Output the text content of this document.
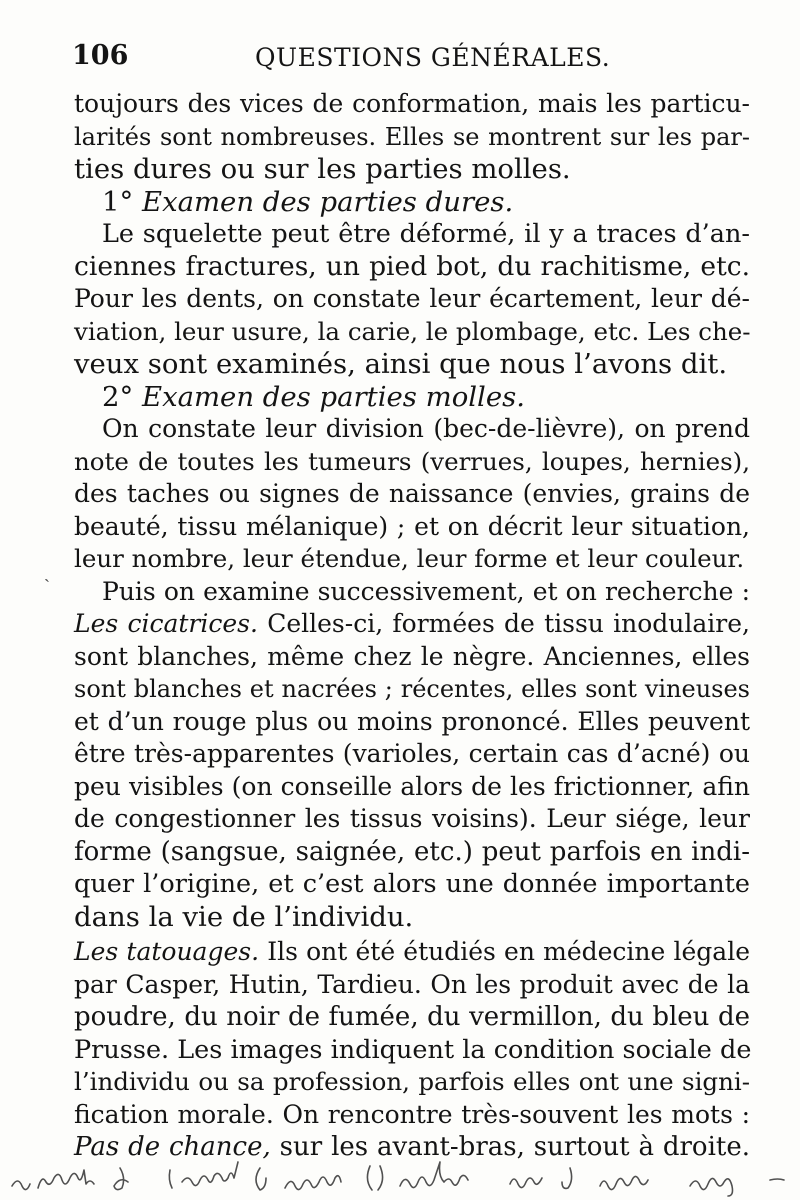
106	QUESTIONS GÉNÉRALES.
toujours des vices de conformation, mais les particu-
larités sont nombreuses. Elles se montrent sur les par-
ties dures ou sur les parties molles.
1° Examen des parties dures.
Le squelette peut être déformé, il y a traces d’an-
ciennes fractures, un pied bot, du rachitisme, etc.
Pour les dents, on constate leur écartement, leur dé-
viation, leur usure, la carie, le plombage, etc. Les che-
veux sont examinés, ainsi que nous l’avons dit.
2° Examen des parties molles.
On constate leur division (bec-de-lièvre), on prend
note de toutes les tumeurs (verrues, loupes, hernies),
des taches ou signes de naissance (envies, grains de
beauté, tissu mélanique) ; et on décrit leur situation,
leur nombre, leur étendue, leur forme et leur couleur.
Puis on examine successivement, et on recherche :
Les cicatrices. Celles-ci, formées de tissu inodulaire,
sont blanches, même chez le nègre. Anciennes, elles
sont blanches et nacrées ; récentes, elles sont vineuses
et d’un rouge plus ou moins prononcé. Elles peuvent
être très-apparentes (varioles, certain cas d’acné) ou
peu visibles (on conseille alors de les frictionner, afin
de congestionner les tissus voisins). Leur siége, leur
forme (sangsue, saignée, etc.) peut parfois en indi-
quer l’origine, et c’est alors une donnée importante
dans la vie de l’individu.
Les tatouages. Ils ont été étudiés en médecine légale
par Casper, Hutin, Tardieu. On les produit avec de la
poudre, du noir de fumée, du vermillon, du bleu de
Prusse. Les images indiquent la condition sociale de
l’individu ou sa profession, parfois elles ont une signi-
fication morale. On rencontre très-souvent les mots :
Pas de chance, sur les avant-bras, surtout à droite.
ˏ
